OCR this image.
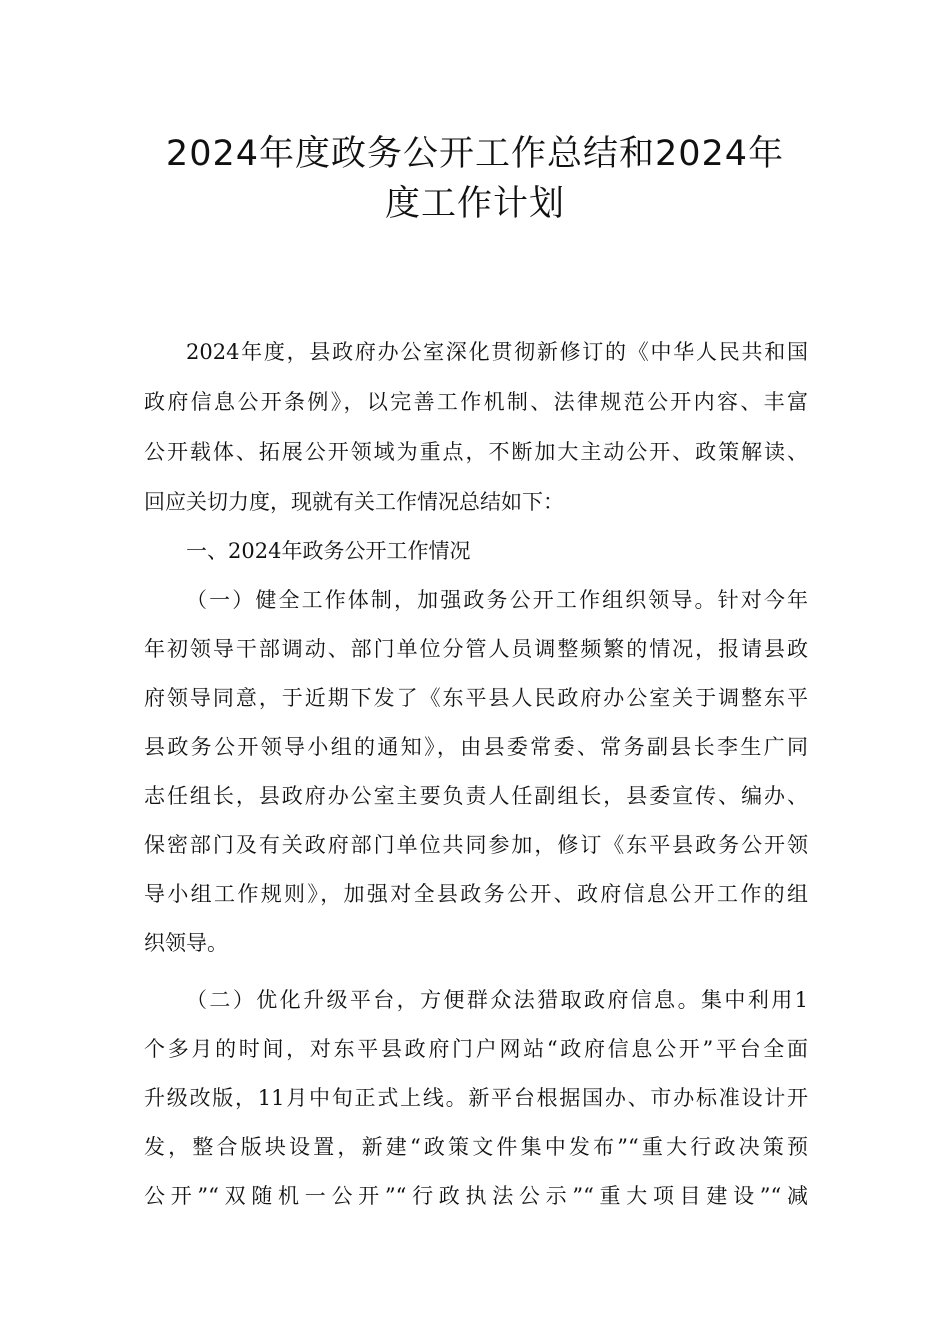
2024年度政务公开工作总结和2024年
度工作计划
2024年度，县政府办公室深化贯彻新修订的《中华人民共和国
政府信息公开条例》，以完善工作机制、法律规范公开内容、丰富
公开载体、拓展公开领域为重点，不断加大主动公开、政策解读、
回应关切力度，现就有关工作情况总结如下：
一、2024年政务公开工作情况
（一）健全工作体制，加强政务公开工作组织领导。针对今年
年初领导干部调动、部门单位分管人员调整频繁的情况，报请县政
府领导同意，于近期下发了《东平县人民政府办公室关于调整东平
县政务公开领导小组的通知》，由县委常委、常务副县长李生广同
志任组长，县政府办公室主要负责人任副组长，县委宣传、编办、
保密部门及有关政府部门单位共同参加，修订《东平县政务公开领
导小组工作规则》，加强对全县政务公开、政府信息公开工作的组
织领导。
（二）优化升级平台，方便群众法猎取政府信息。集中利用1
个多月的时间，对东平县政府门户网站“政府信息公开”平台全面
升级改版，11月中旬正式上线。新平台根据国办、市办标准设计开
发，整合版块设置，新建“政策文件集中发布”“重大行政决策预
公开”“双随机一公开”“行政执法公示”“重大项目建设”“减
